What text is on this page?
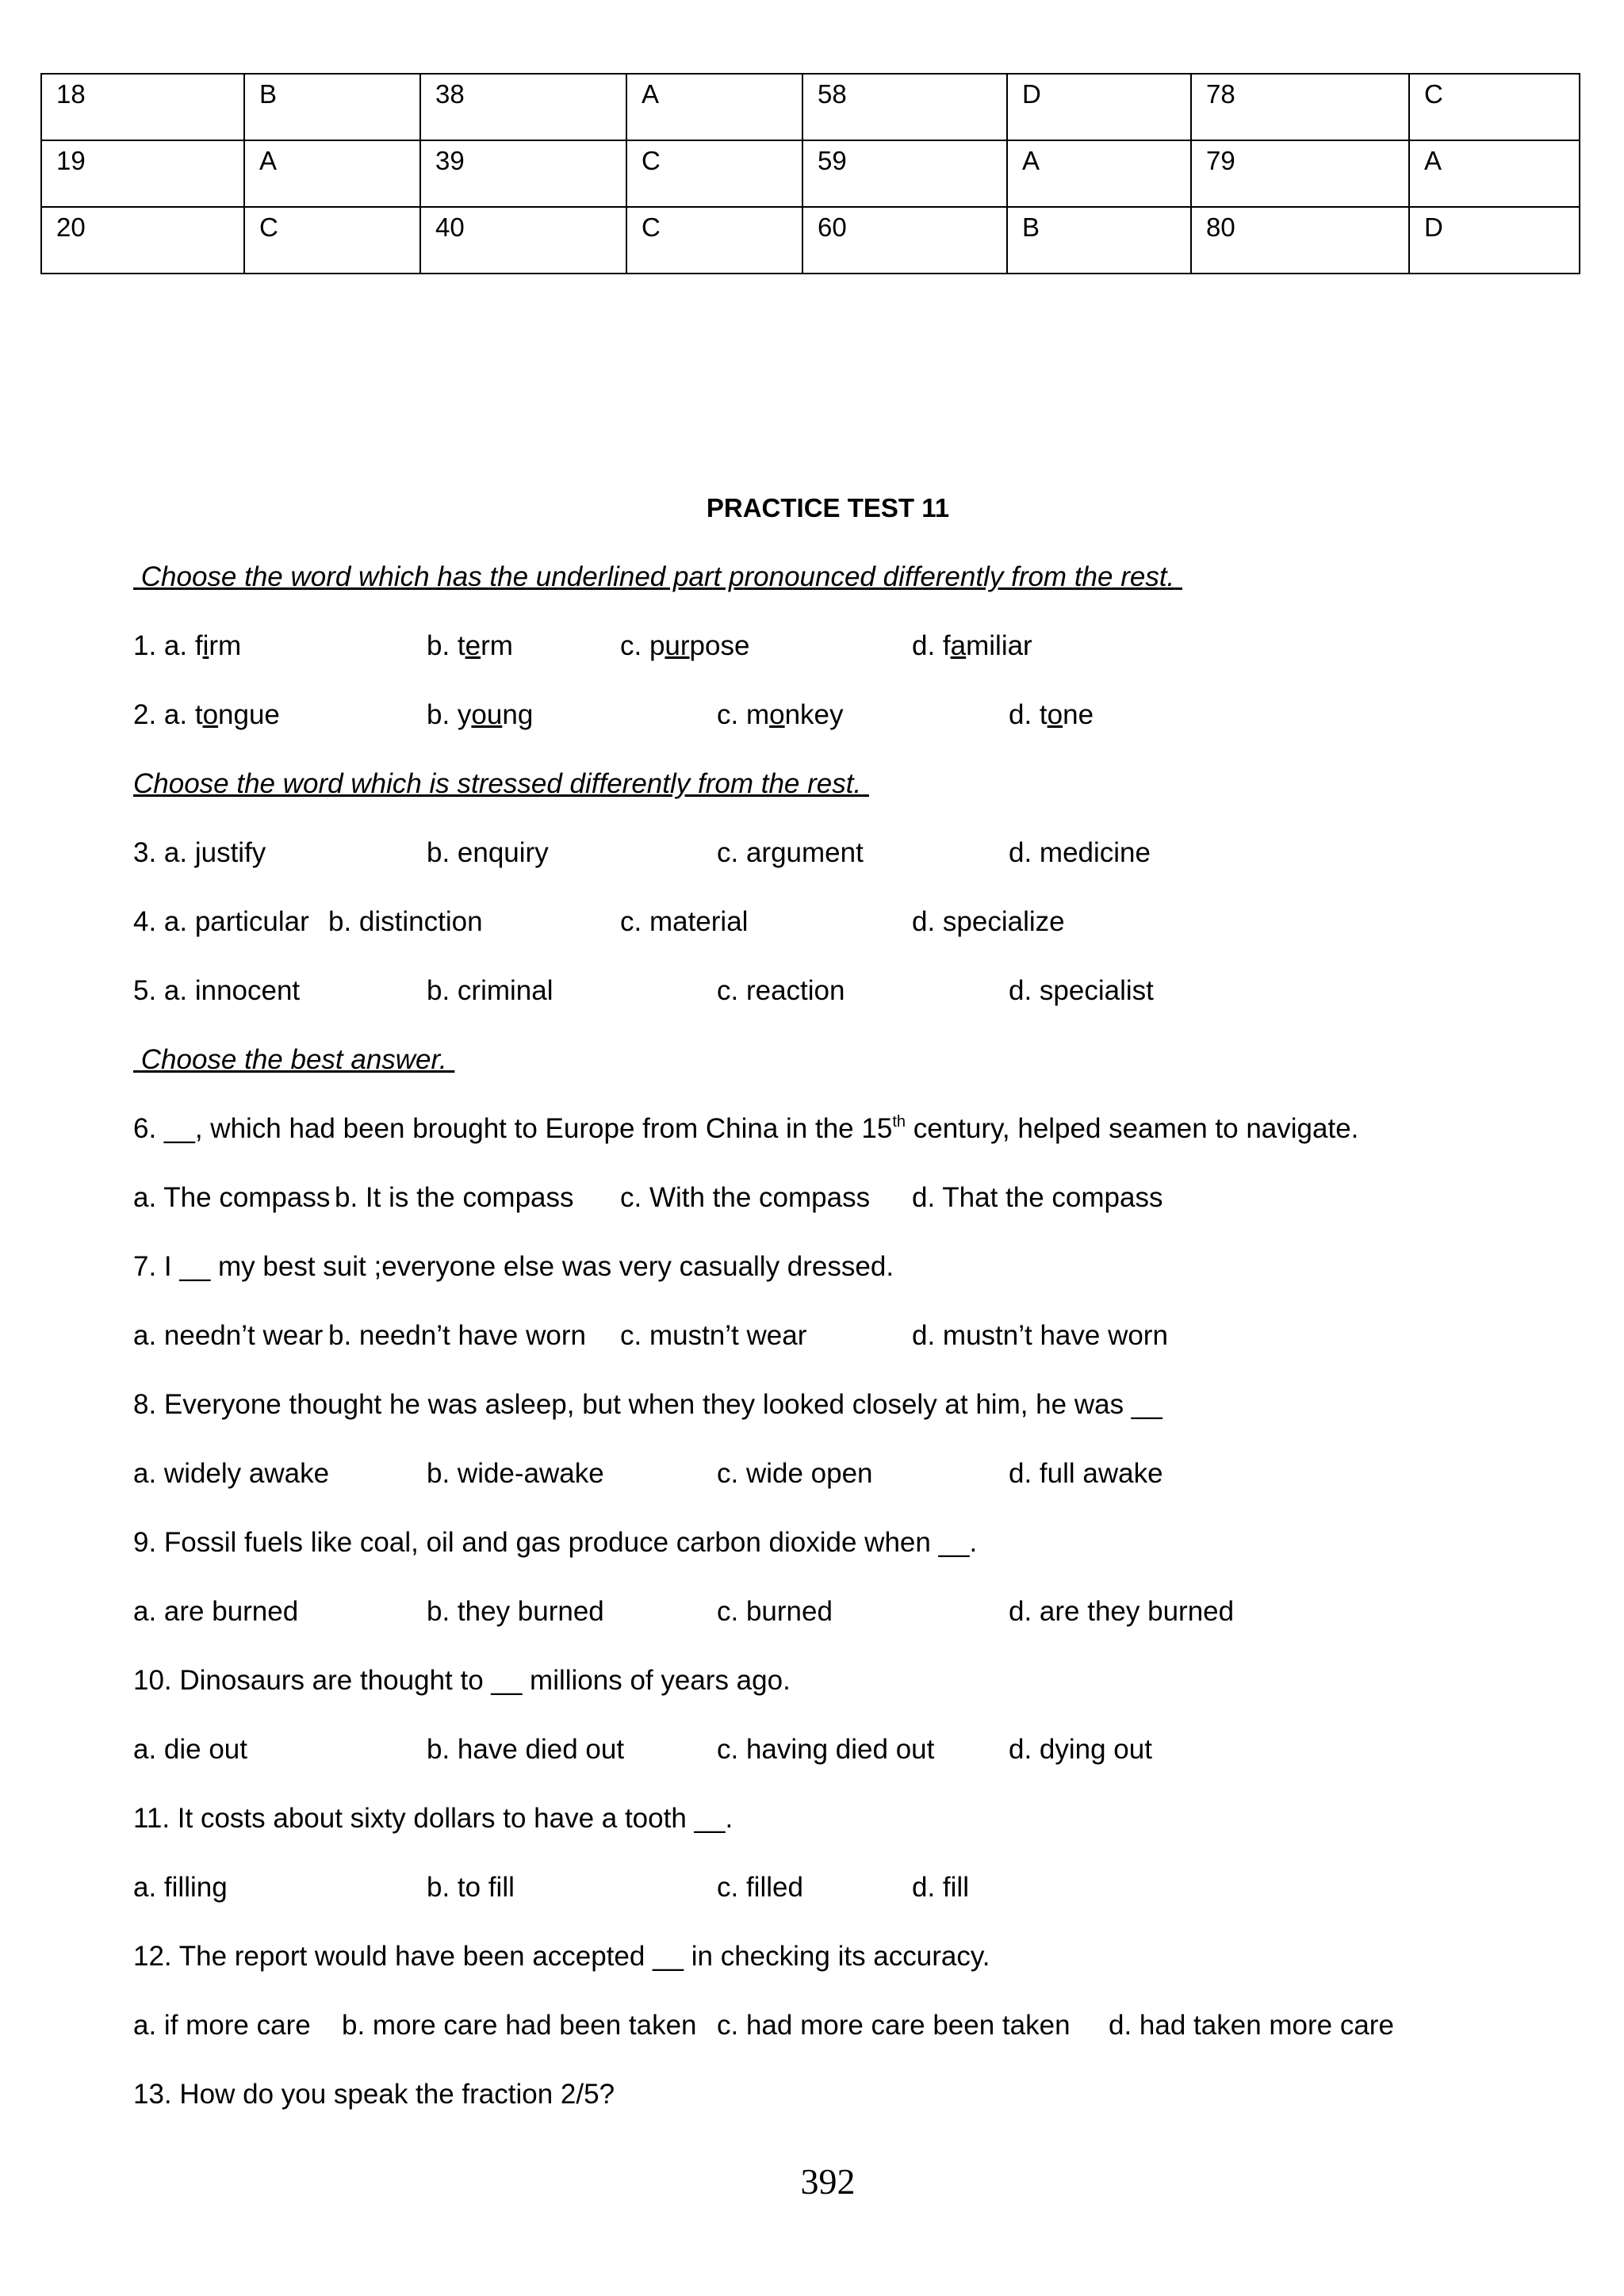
18	B	38	A	58	D	78	C
19	A	39	C	59	A	79	A
20	C	40	C	60	B	80	D
PRACTICE TEST 11
Choose the word which has the underlined part pronounced differently from the rest.
1. a. firm	b. term	c. purpose	d. familiar
2. a. tongue	b. young	c. monkey	d. tone
Choose the word which is stressed differently from the rest.
3. a. justify	b. enquiry	c. argument	d. medicine
4. a. particular b. distinction	c. material	d. specialize
5. a. innocent	b. criminal	c. reaction	d. specialist
Choose the best answer.
6. __, which had been brought to Europe from China in the 15th century, helped seamen to navigate.
a. The compass b. It is the compass c. With the compass d. That the compass
7. I __ my best suit ;everyone else was very casually dressed.
a. needn’t wear b. needn’t have worn c. mustn’t wear	d. mustn’t have worn
8. Everyone thought he was asleep, but when they looked closely at him, he was __
a. widely awake	b. wide-awake	c. wide open	d. full awake
9. Fossil fuels like coal, oil and gas produce carbon dioxide when __.
a. are burned	b. they burned	c. burned	d. are they burned
10. Dinosaurs are thought to __ millions of years ago.
a. die out	b. have died out	c. having died out	d. dying out
11. It costs about sixty dollars to have a tooth __.
a. filling	b. to fill	c. filled	d. fill
12. The report would have been accepted __ in checking its accuracy.
a. if more care b. more care had been taken c. had more care been taken d. had taken more care
13. How do you speak the fraction 2/5?
392
